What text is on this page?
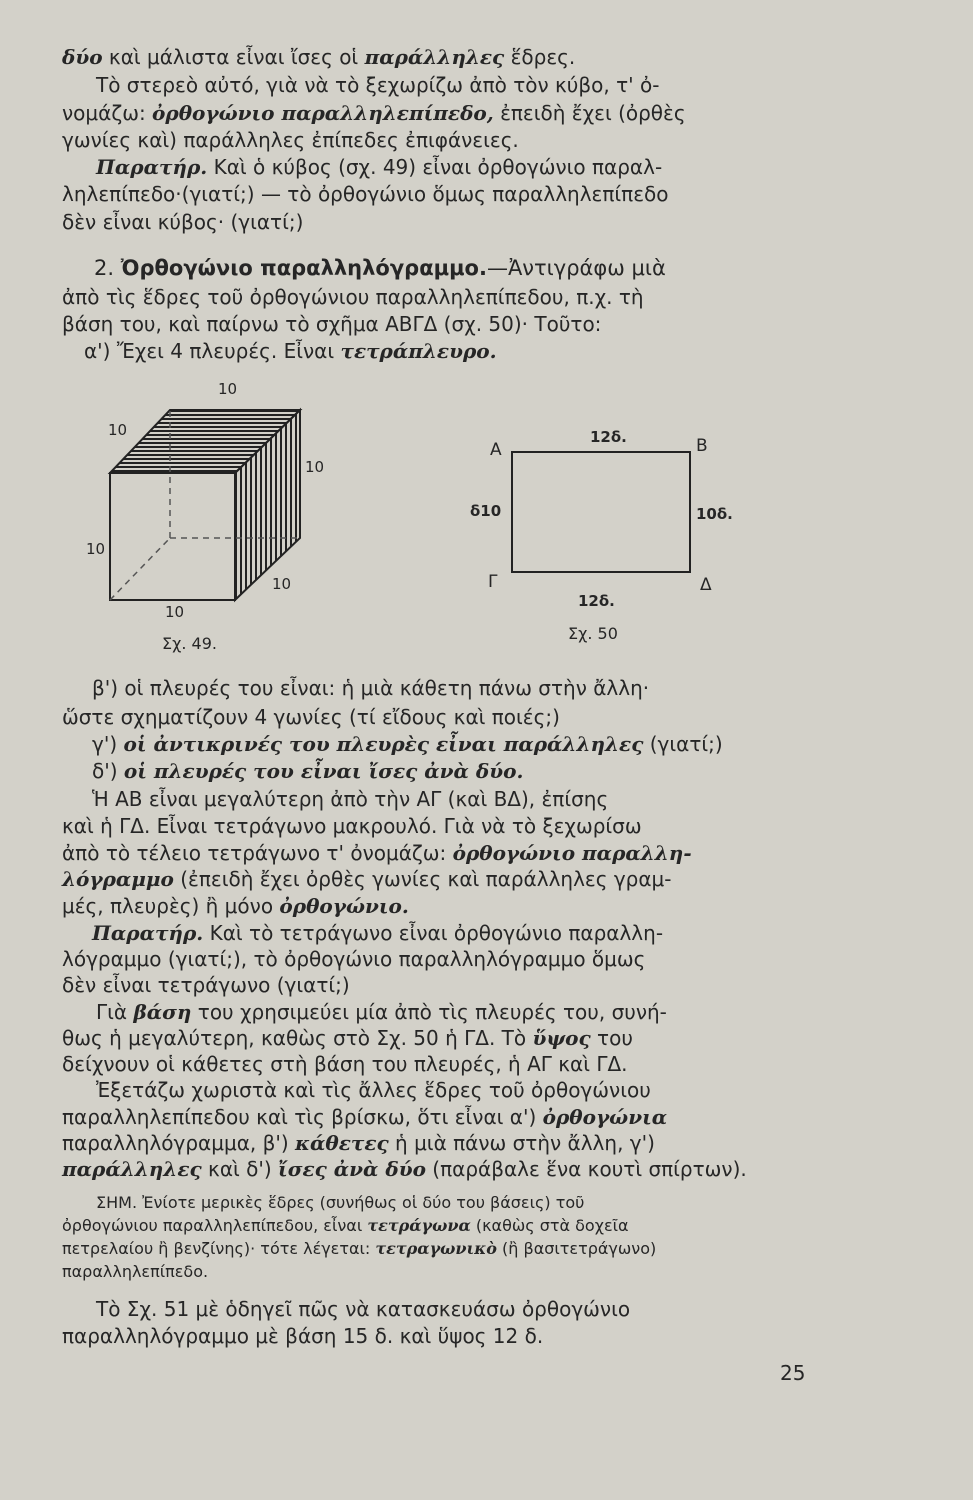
δύο καὶ μάλιστα εἶναι ἴσες οἱ παράλληλες ἕδρες.
Τὸ στερεὸ αὐτό, γιὰ νὰ τὸ ξεχωρίζω ἀπὸ τὸν κύβο, τ' ὀ-
νομάζω: ὀρθογώνιο παραλληλεπίπεδο, ἐπειδὴ ἔχει (ὀρθὲς
γωνίες καὶ) παράλληλες ἐπίπεδες ἐπιφάνειες.
Παρατήρ. Καὶ ὁ κύβος (σχ. 49) εἶναι ὀρθογώνιο παραλ-
ληλεπίπεδο·(γιατί;) — τὸ ὀρθογώνιο ὅμως παραλληλεπίπεδο
δὲν εἶναι κύβος· (γιατί;)
2. Ὀρθογώνιο παραλληλόγραμμο.—Ἀντιγράφω μιὰ
ἀπὸ τὶς ἕδρες τοῦ ὀρθογώνιου παραλληλεπίπεδου, π.χ. τὴ
βάση του, καὶ παίρνω τὸ σχῆμα ΑΒΓΔ (σχ. 50)· Τοῦτο:
α') Ἔχει 4 πλευρές. Εἶναι τετράπλευρο.
10
10
10
10
10
10
Σχ. 49.
Α	Β
Γ	Δ
12δ.
δ10	10δ.
12δ.
Σχ. 50
β') οἱ πλευρές του εἶναι: ἡ μιὰ κάθετη πάνω στὴν ἄλλη·
ὥστε σχηματίζουν 4 γωνίες (τί εἴδους καὶ ποιές;)
γ') οἱ ἀντικρινές του πλευρὲς εἶναι παράλληλες (γιατί;)
δ') οἱ πλευρές του εἶναι ἴσες ἀνὰ δύο.
Ἡ ΑΒ εἶναι μεγαλύτερη ἀπὸ τὴν ΑΓ (καὶ ΒΔ), ἐπίσης
καὶ ἡ ΓΔ. Εἶναι τετράγωνο μακρουλό. Γιὰ νὰ τὸ ξεχωρίσω
ἀπὸ τὸ τέλειο τετράγωνο τ' ὀνομάζω: ὀρθογώνιο παραλλη-
λόγραμμο (ἐπειδὴ ἔχει ὀρθὲς γωνίες καὶ παράλληλες γραμ-
μές, πλευρὲς) ἢ μόνο ὀρθογώνιο.
Παρατήρ. Καὶ τὸ τετράγωνο εἶναι ὀρθογώνιο παραλλη-
λόγραμμο (γιατί;), τὸ ὀρθογώνιο παραλληλόγραμμο ὅμως
δὲν εἶναι τετράγωνο (γιατί;)
Γιὰ βάση του χρησιμεύει μία ἀπὸ τὶς πλευρές του, συνή-
θως ἡ μεγαλύτερη, καθὼς στὸ Σχ. 50 ἡ ΓΔ. Τὸ ὕψος του
δείχνουν οἱ κάθετες στὴ βάση του πλευρές, ἡ ΑΓ καὶ ΓΔ.
Ἐξετάζω χωριστὰ καὶ τὶς ἄλλες ἕδρες τοῦ ὀρθογώνιου
παραλληλεπίπεδου καὶ τὶς βρίσκω, ὅτι εἶναι α') ὀρθογώνια
παραλληλόγραμμα, β') κάθετες ἡ μιὰ πάνω στὴν ἄλλη, γ')
παράλληλες καὶ δ') ἴσες ἀνὰ δύο (παράβαλε ἕνα κουτὶ σπίρτων).
ΣΗΜ. Ἐνίοτε μερικὲς ἕδρες (συνήθως οἱ δύο του βάσεις) τοῦ
ὀρθογώνιου παραλληλεπίπεδου, εἶναι τετράγωνα (καθὼς στὰ δοχεῖα
πετρελαίου ἢ βενζίνης)· τότε λέγεται: τετραγωνικὸ (ἢ βασιτετράγωνο)
παραλληλεπίπεδο.
Τὸ Σχ. 51 μὲ ὁδηγεῖ πῶς νὰ κατασκευάσω ὀρθογώνιο
παραλληλόγραμμο μὲ βάση 15 δ. καὶ ὕψος 12 δ.
25
